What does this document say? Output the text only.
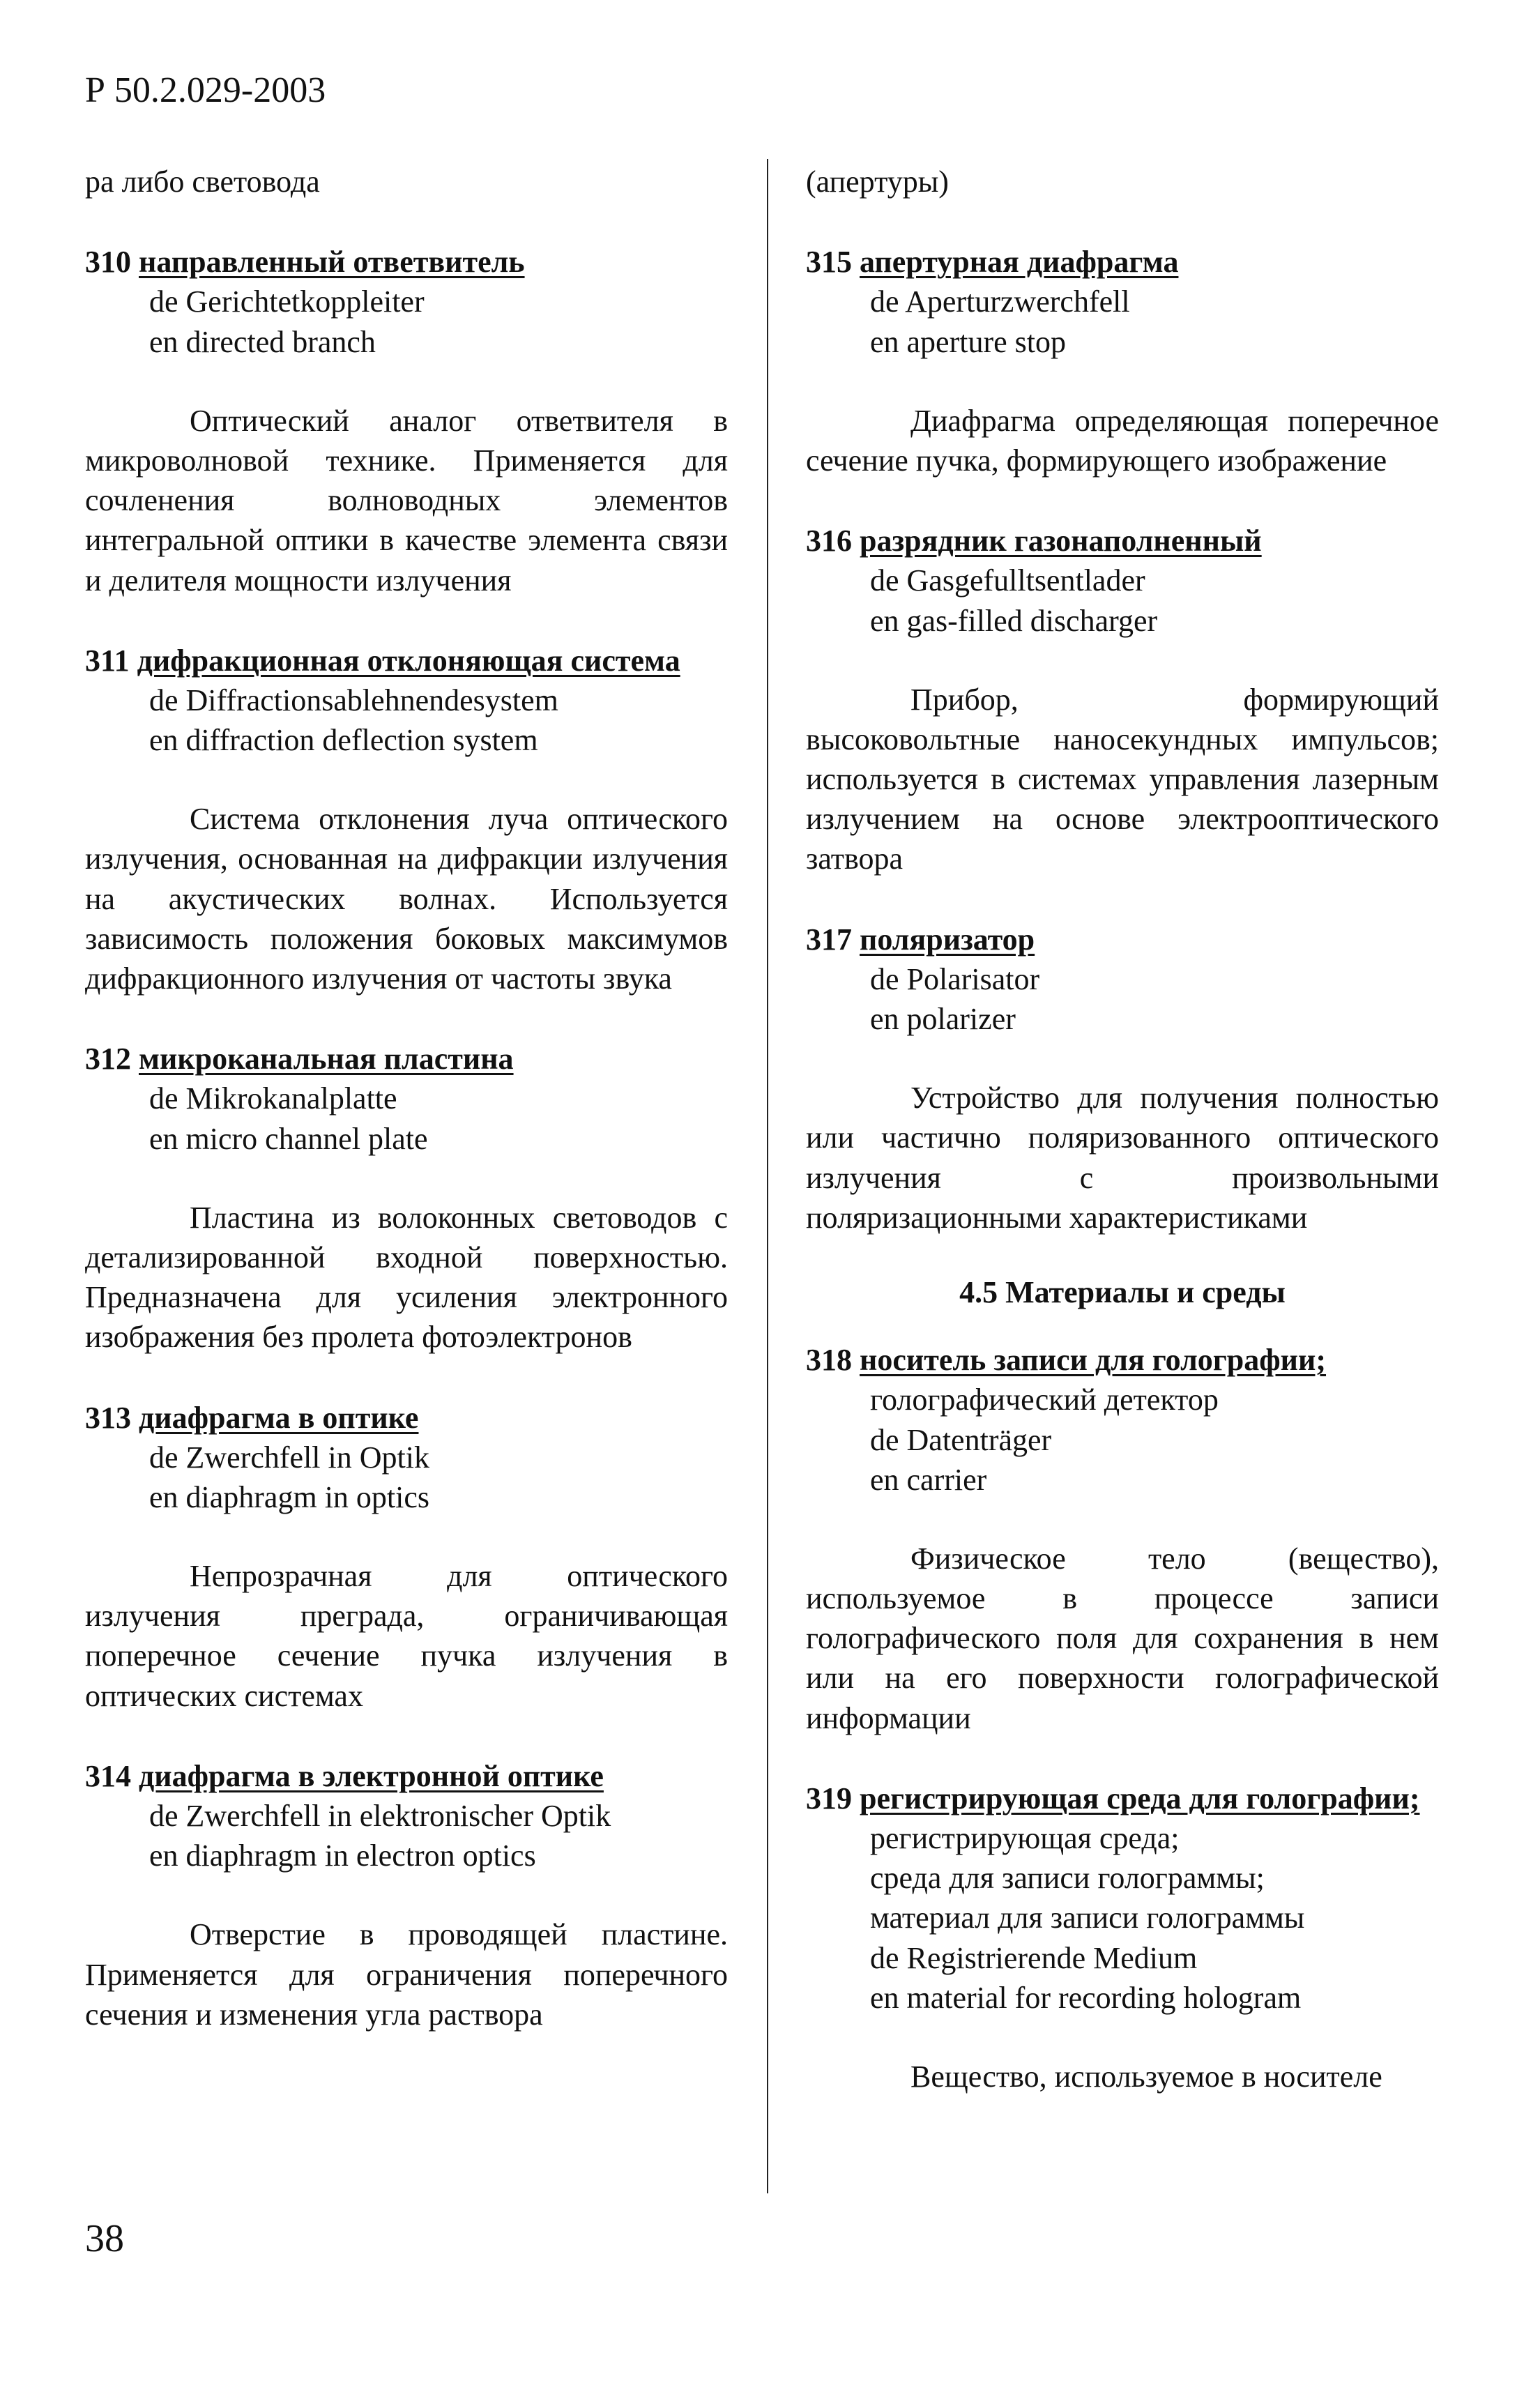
Р 50.2.029-2003
ра либо световода
310 направленный ответвитель
de Gerichtetkoppleiter
en directed branch
Оптический аналог ответвителя в микроволновой технике. Применяется для сочленения волноводных элементов интегральной оптики в качестве элемента связи и делителя мощности излучения
311 дифракционная отклоняющая система
de Diffractionsablehnendesystem
en diffraction deflection system
Система отклонения луча оптического излучения, основанная на дифракции излучения на акустических волнах. Используется зависимость положения боковых максимумов дифракционного излучения от частоты звука
312 микроканальная пластина
de Mikrokanalplatte
en micro channel plate
Пластина из волоконных световодов с детализированной входной поверхностью. Предназначена для усиления электронного изображения без пролета фотоэлектронов
313 диафрагма в оптике
de Zwerchfell in Optik
en diaphragm in optics
Непрозрачная для оптического излучения преграда, ограничивающая поперечное сечение пучка излучения в оптических системах
314 диафрагма в электронной оптике
de Zwerchfell in elektronischer Optik
en diaphragm in electron optics
Отверстие в проводящей пластине. Применяется для ограничения поперечного сечения и изменения угла раствора
(апертуры)
315 апертурная диафрагма
de Aperturzwerchfell
en aperture stop
Диафрагма определяющая поперечное сечение пучка, формирующего изображение
316 разрядник газонаполненный
de Gasgefulltsentlader
en gas-filled discharger
Прибор, формирующий высоковольтные наносекундных импульсов; используется в системах управления лазерным излучением на основе электрооптического затвора
317 поляризатор
de Polarisator
en polarizer
Устройство для получения полностью или частично поляризованного оптического излучения с произвольными поляризационными характеристиками
4.5 Материалы и среды
318 носитель записи для голографии;
голографический детектор
de Datenträger
en carrier
Физическое тело (вещество), используемое в процессе записи голографического поля для сохранения в нем или на его поверхности голографической информации
319 регистрирующая среда для голографии;
регистрирующая среда;
среда для записи голограммы;
материал для записи голограммы
de Registrierende Medium
en material for recording hologram
Вещество, используемое в носителе
38
